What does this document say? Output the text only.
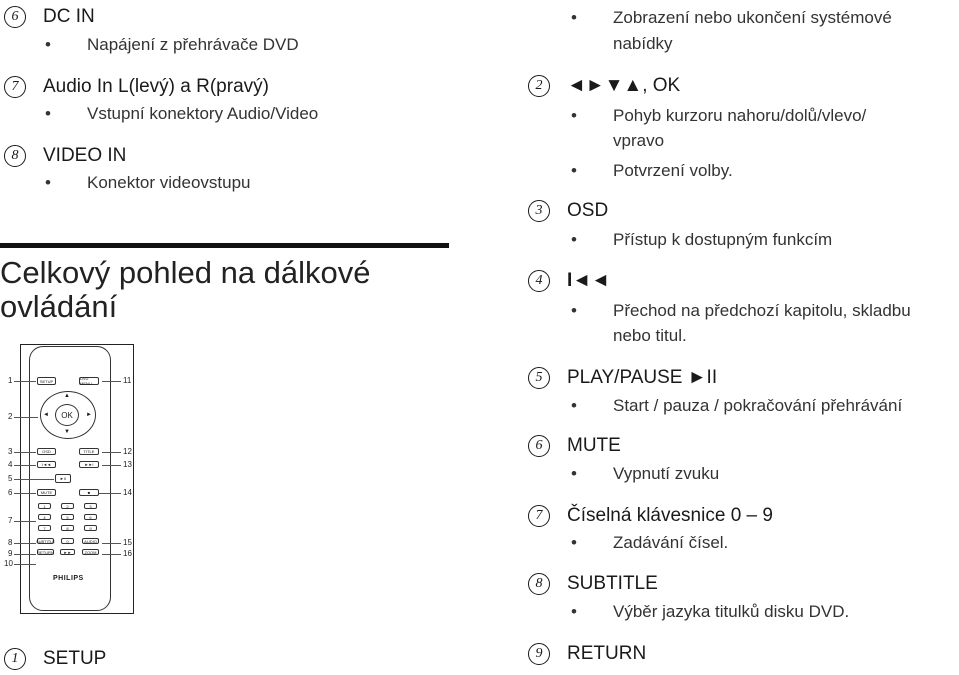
6	DC IN
• Napájení z přehrávače DVD
7	Audio In L(levý) a R(pravý)
• Vstupní konektory Audio/Video
8	VIDEO IN
• Konektor videovstupu
Celkový pohled na dálkové
ovládání
1
2
3
4
5
6
7
8
9
10
11
12
13
14
15
16
SETUP	DVD MENU
OK
▲
▼
◄	►
OSD	TITLE
I◄◄	►►I
►II
MUTE	■
1	2	3
4	5	6
7	8	9
SUBTITLE	0	AUDIO
RETURN ►►	ZOOM
PHILIPS
1	SETUP
• Zobrazení nebo ukončení systémové
nabídky
2	◄►▼▲, OK
• Pohyb kurzoru nahoru/dolů/vlevo/
vpravo
• Potvrzení volby.
3	OSD
• Přístup k dostupným funkcím
4	I◄◄
• Přechod na předchozí kapitolu, skladbu
nebo titul.
5	PLAY/PAUSE ►II
• Start / pauza / pokračování přehrávání
6	MUTE
• Vypnutí zvuku
7	Číselná klávesnice 0 – 9
• Zadávání čísel.
8	SUBTITLE
• Výběr jazyka titulků disku DVD.
9	RETURN
